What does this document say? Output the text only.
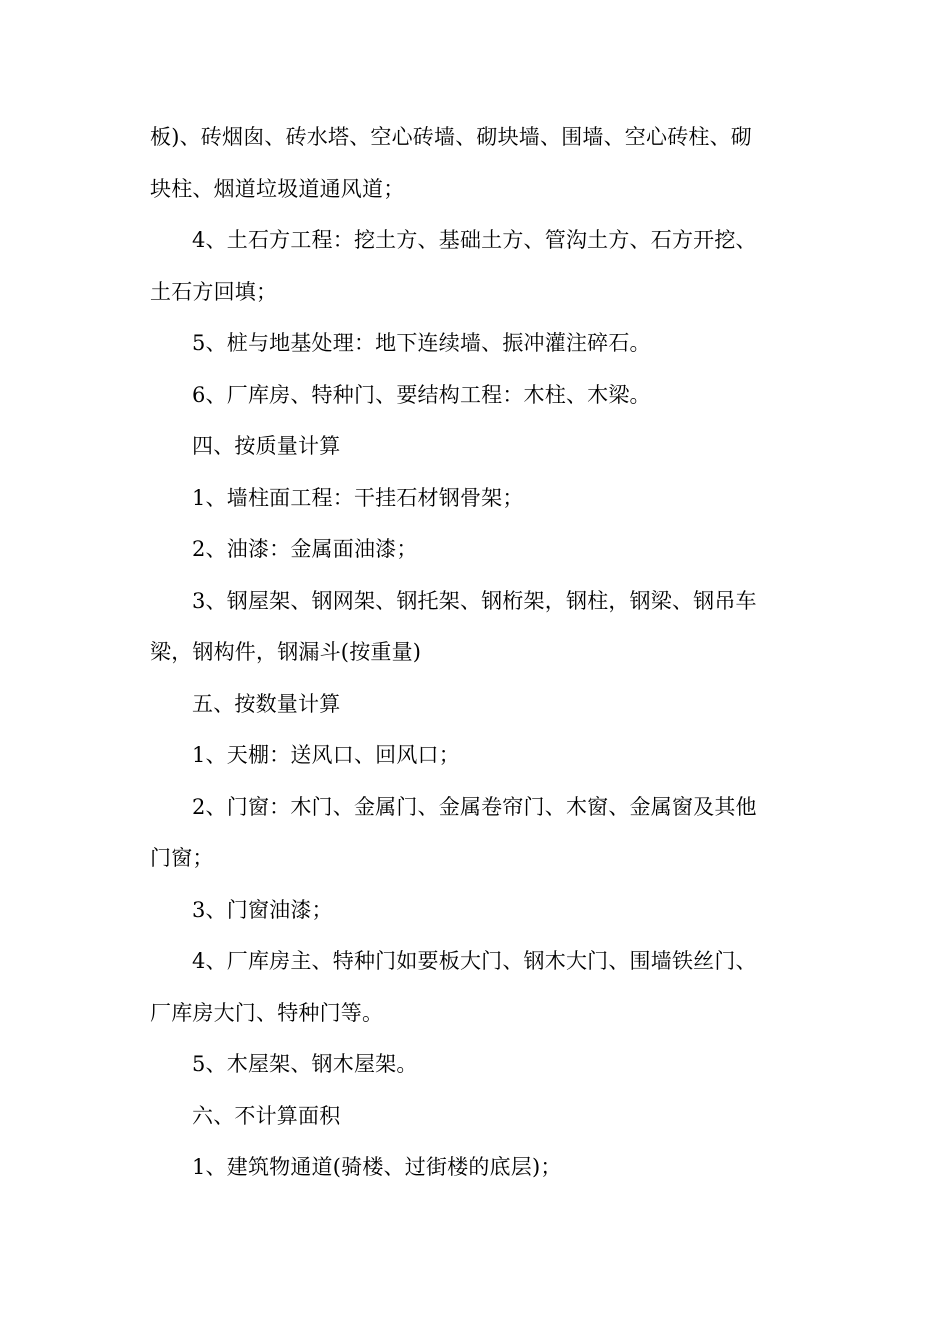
板)、砖烟囱、砖水塔、空心砖墙、砌块墙、围墙、空心砖柱、砌

块柱、烟道垃圾道通风道；

4、土石方工程：挖土方、基础土方、管沟土方、石方开挖、

土石方回填；

5、桩与地基处理：地下连续墙、振冲灌注碎石。

6、厂库房、特种门、要结构工程：木柱、木梁。

四、按质量计算

1、墙柱面工程：干挂石材钢骨架；

2、油漆：金属面油漆；

3、钢屋架、钢网架、钢托架、钢桁架，钢柱，钢梁、钢吊车

梁，钢构件，钢漏斗(按重量)

五、按数量计算

1、天棚：送风口、回风口；

2、门窗：木门、金属门、金属卷帘门、木窗、金属窗及其他

门窗；

3、门窗油漆；

4、厂库房主、特种门如要板大门、钢木大门、围墙铁丝门、

厂库房大门、特种门等。

5、木屋架、钢木屋架。

六、不计算面积

1、建筑物通道(骑楼、过街楼的底层)；
